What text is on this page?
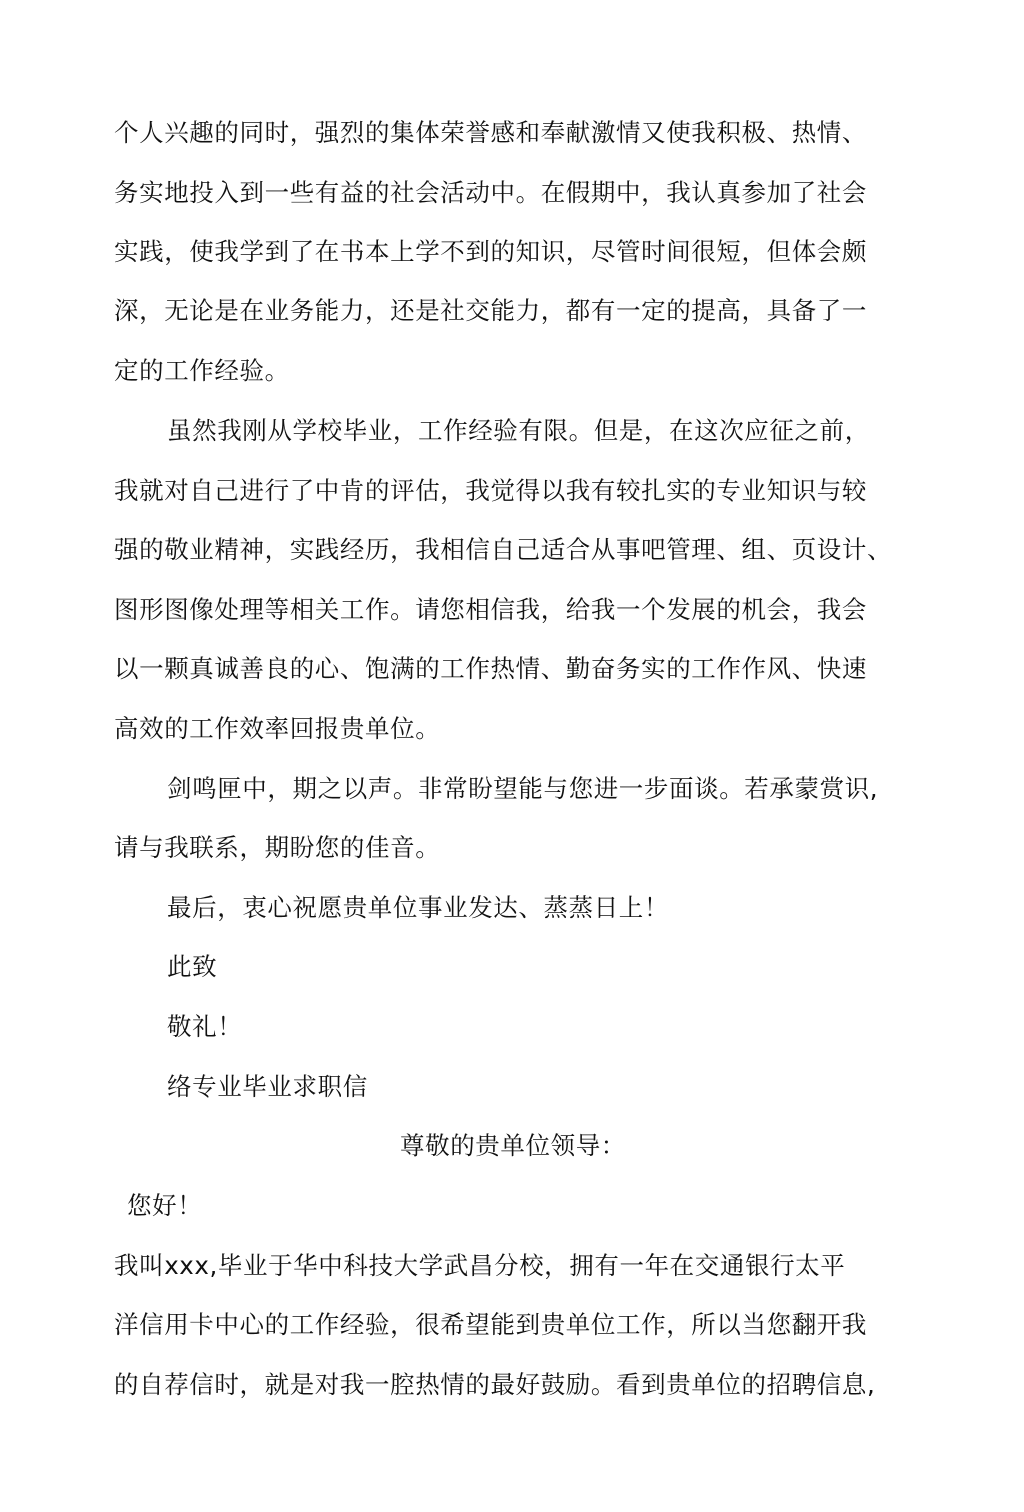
个人兴趣的同时，强烈的集体荣誉感和奉献激情又使我积极、热情、
务实地投入到一些有益的社会活动中。在假期中，我认真参加了社会
实践，使我学到了在书本上学不到的知识，尽管时间很短，但体会颇
深，无论是在业务能力，还是社交能力，都有一定的提高，具备了一
定的工作经验。
虽然我刚从学校毕业，工作经验有限。但是，在这次应征之前，
我就对自己进行了中肯的评估，我觉得以我有较扎实的专业知识与较
强的敬业精神，实践经历，我相信自己适合从事吧管理、组、页设计、
图形图像处理等相关工作。请您相信我，给我一个发展的机会，我会
以一颗真诚善良的心、饱满的工作热情、勤奋务实的工作作风、快速
高效的工作效率回报贵单位。
剑鸣匣中，期之以声。非常盼望能与您进一步面谈。若承蒙赏识,
请与我联系，期盼您的佳音。
最后，衷心祝愿贵单位事业发达、蒸蒸日上！
此致
敬礼！
络专业毕业求职信
尊敬的贵单位领导：
您好！
我叫xxx,毕业于华中科技大学武昌分校，拥有一年在交通银行太平
洋信用卡中心的工作经验，很希望能到贵单位工作，所以当您翻开我
的自荐信时，就是对我一腔热情的最好鼓励。看到贵单位的招聘信息,
